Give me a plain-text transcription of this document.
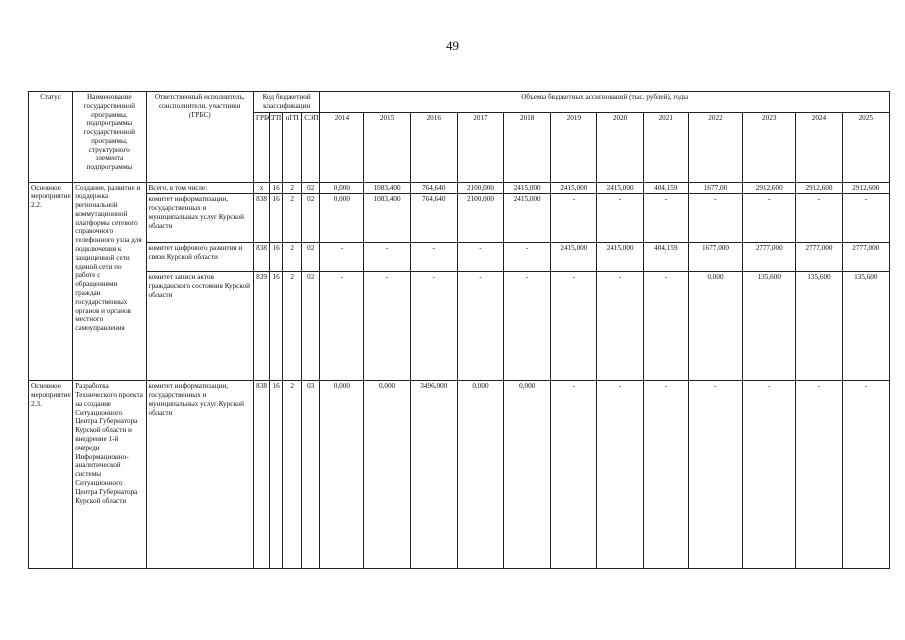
49
Статус	Наименование государственной программы, подпрограммы государственной программы, структурного элемента подпрограммы	Ответственный исполнитель, соисполнители, участники (ГРБС)	Код бюджетной классификации				Объемы бюджетных ассигнований (тыс. рублей), годы											
			ГРБС	ГП	пГП	СЭП	2014	2015	2016	2017	2018	2019	2020	2021	2022	2023	2024	2025
Основное мероприятие 2.2.	Создание, развитие и поддержка региональной коммутационной платформы сетевого справочного телефонного узла для подключения к защищенной сети единой сети по работе с обращениями граждан государственных органов и органов местного самоуправления	Всего, в том числе:	х	16	2	02	0,000	1083,400	764,640	2100,000	2415,000	2415,000	2415,000	404,159	1677,00	2912,600	2912,600	2912,600
		комитет информатизации, государственных и муниципальных услуг Курской области	838	16	2	02	0,000	1083,400	764,640	2100,000	2415,000	-	-	-	-	-	-	-
		комитет цифрового развития и связи Курской области	838	16	2	02	-	-	-	-	-	2415,000	2415,000	404,159	1677,000	2777,000	2777,000	2777,000
		комитет записи актов гражданского состояния Курской области	839	16	2	02	-	-	-	-	-	-	-	-	0,000	135,600	135,600	135,600
Основное мероприятие 2.3.	Разработка Технического проекта на создание Ситуационного Центра Губернатора Курской области и внедрение 1-й очереди Информационно-аналитической системы Ситуационного Центра Губернатора Курской области	комитет информатизации, государственных и муниципальных услуг Курской области	838	16	2	03	0,000	0,000	3496,000	0,000	0,000	-	-	-	-	-	-	-
